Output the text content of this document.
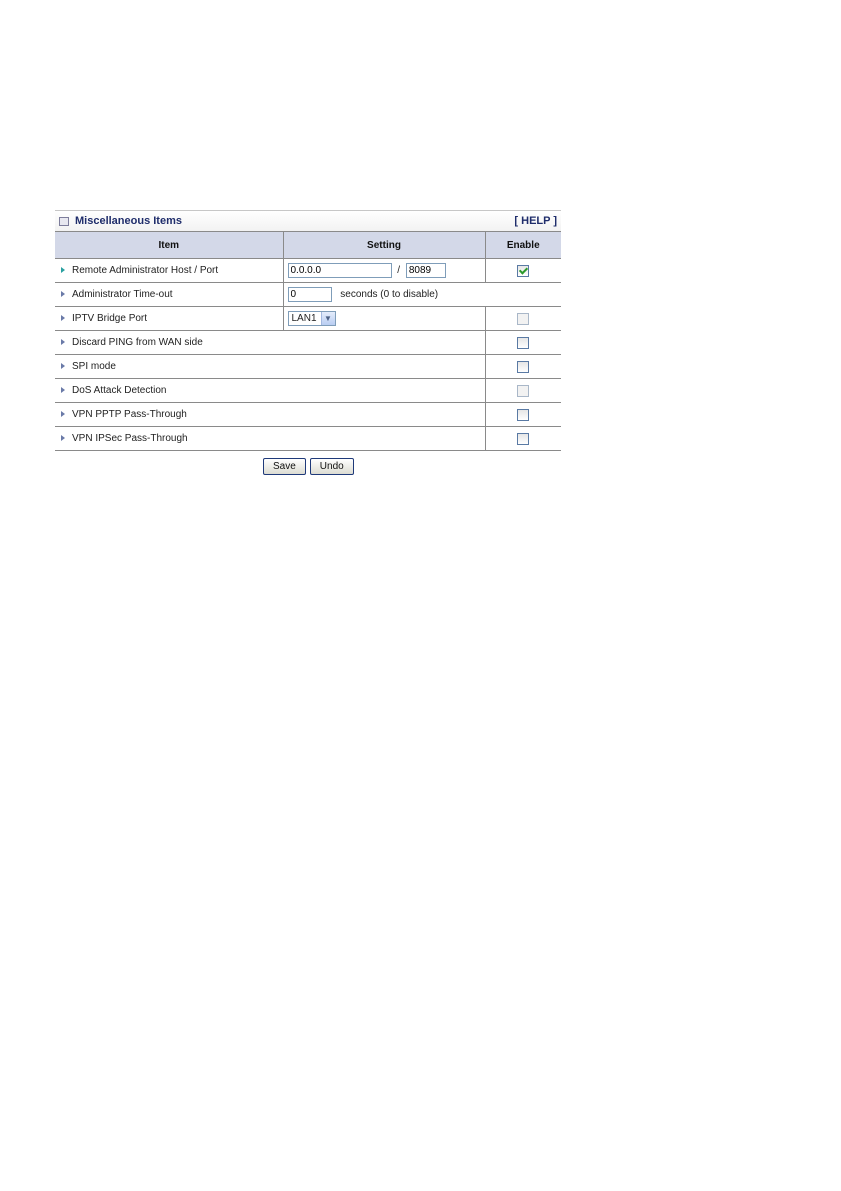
Miscellaneous Items	[ HELP ]
Item	Setting	Enable
Remote Administrator Host / Port	0.0.0.0/ 8089	
Administrator Time-out	0seconds (0 to disable)
IPTV Bridge Port	LAN1 ▼	

Discard PING from WAN side		
SPI mode		
DoS Attack Detection		
VPN PPTP Pass-Through		
VPN IPSec Pass-Through		
Save	Undo
